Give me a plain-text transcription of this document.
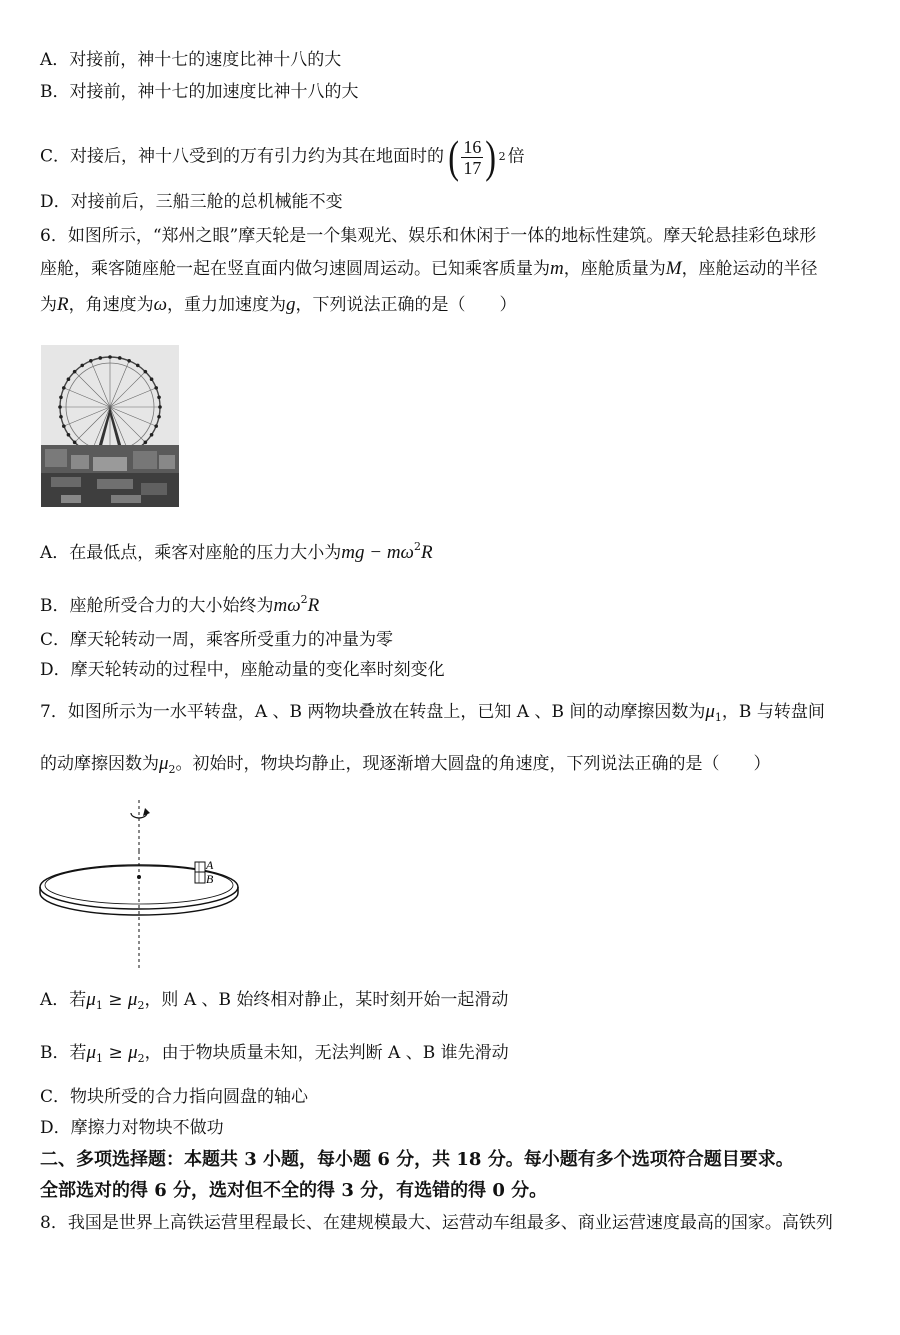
A．对接前，神十七的速度比神十八的大
B．对接前，神十七的加速度比神十八的大
C．对接后，神十八受到的万有引力约为其在地面时的 ( $\frac{16}{17}$ ) 2 倍
D．对接前后，三船三舱的总机械能不变
6．如图所示，“郑州之眼”摩天轮是一个集观光、娱乐和休闲于一体的地标性建筑。摩天轮悬挂彩色球形
座舱，乘客随座舱一起在竖直面内做匀速圆周运动。已知乘客质量为m，座舱质量为M，座舱运动的半径
为R，角速度为ω，重力加速度为g，下列说法正确的是（　　）
A．在最低点，乘客对座舱的压力大小为mg − $m\omega^2R$
B．座舱所受合力的大小始终为$m\omega^2R$
C．摩天轮转动一周，乘客所受重力的冲量为零
D．摩天轮转动的过程中，座舱动量的变化率时刻变化
7．如图所示为一水平转盘，A 、B 两物块叠放在转盘上，已知 A 、B 间的动摩擦因数为$\mu_1$，B 与转盘间
的动摩擦因数为$\mu_2$。初始时，物块均静止，现逐渐增大圆盘的角速度，下列说法正确的是（　　）
A
B
A．若$\mu_1 \ge \mu_2$，则 A 、B 始终相对静止，某时刻开始一起滑动
B．若$\mu_1 \ge \mu_2$，由于物块质量未知，无法判断 A 、B 谁先滑动
C．物块所受的合力指向圆盘的轴心
D．摩擦力对物块不做功
二、多项选择题：本题共 3 小题，每小题 6 分，共 18 分。每小题有多个选项符合题目要求。
全部选对的得 6 分，选对但不全的得 3 分，有选错的得 0 分。
8．我国是世界上高铁运营里程最长、在建规模最大、运营动车组最多、商业运营速度最高的国家。高铁列
